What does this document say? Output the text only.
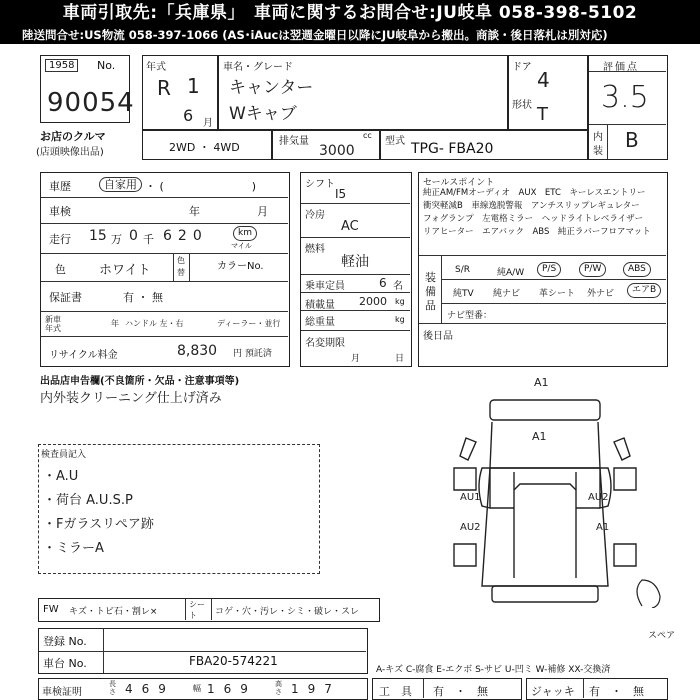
車両引取先:「兵庫県」　車両に関するお問合せ:JU岐阜 058-398-5102
陸送問合せ:US物流 058-397-1066 (AS･iAucは翌週金曜日以降にJU岐阜から搬出。商談・後日落札は別対応)
1958	No.
90054
お店のクルマ
(店頭映像出品)
年式
R 1
6 月
車名・グレード
キャンター
Wキャブ
ドア
4
形状 T
評価点
3.5
内
装 B
2WD ・ 4WD	排気量
cc
3000
型式 TPG- FBA20
車歴	自家用 ・ (　　　　　　　　)
車検	年	月
走行 15 万 0 千 620	km
マイル
色	ホワイト
色
替
カラーNo.
保証書	有 ・ 無
新車
年式
年 ハンドル 左・右	ディーラー・並行
リサイクル料金	8,830 円 預託済
シフト
I5
冷房
AC
燃料
軽油
乗車定員	6 名
積載量 2000 kg
総重量	kg
名変期限
月	日
セールスポイント
純正AM/FMオーディオ　AUX　ETC　キーレスエントリー
衝突軽減B　車線逸脱警報　アンチスリップレギュレター
フォグランプ　左電格ミラー　ヘッドライトレベライザー
リアヒーター　エアバック　ABS　純正ラバーフロアマット
装
備
品
S/R	純A/W	P/S	P/W	ABS
純TV 純ナビ 革シート 外ナビ	エアB
ナビ型番：
後日品
出品店申告欄(不良箇所・欠品・注意事項等)
内外装クリーニング仕上げ済み
検査員記入
・A.U
・荷台 A.U.S.P
・Fガラスリペア跡
・ミラーA
A1
A1
AU1
AU2
AU2
A1
スペア
FW キズ・トビ石・割レ×
シー
ト コゲ・穴・汚レ・シミ・破レ・スレ
登録 No.
車台 No.	FBA20-574221
A-キズ C-腐食 E-エクボ S-サビ U-凹ミ W-補修 XX-交換済
車検証明
長さ 469 幅 169	高さ 197	工　具 有　・　無	ジャッキ 有　・　無
